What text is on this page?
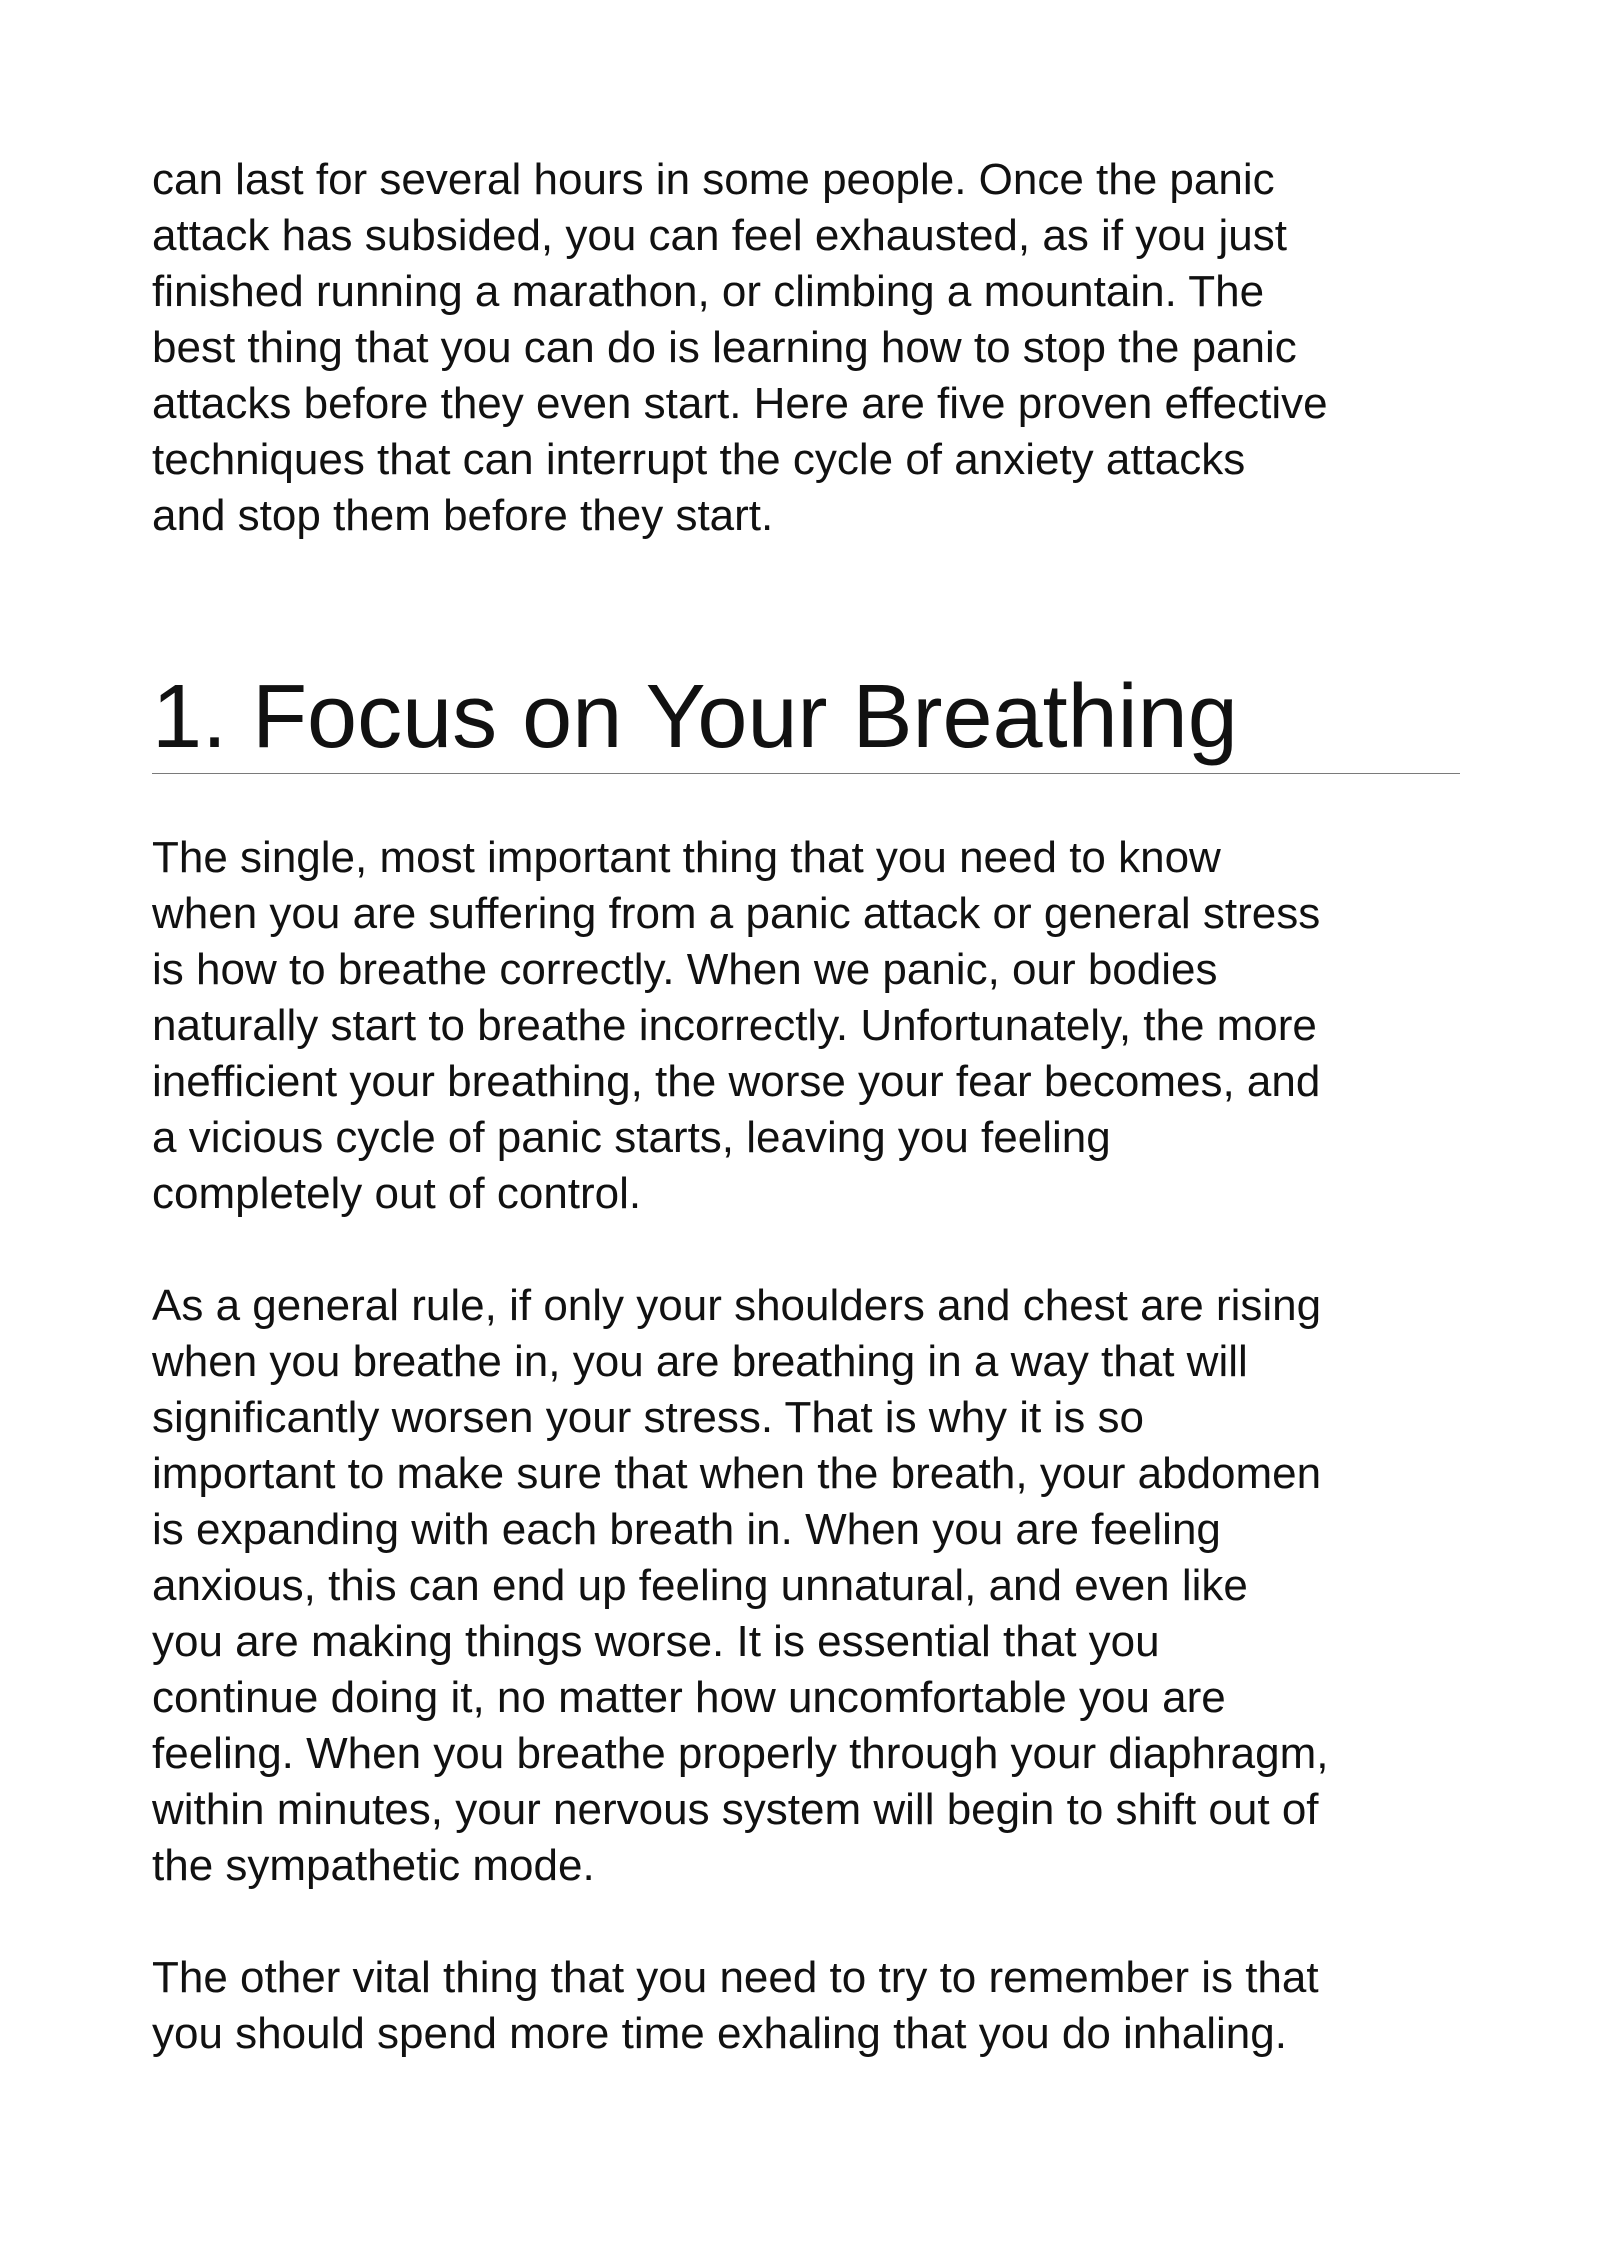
can last for several hours in some people. Once the panic
attack has subsided, you can feel exhausted, as if you just
finished running a marathon, or climbing a mountain. The
best thing that you can do is learning how to stop the panic
attacks before they even start. Here are five proven effective
techniques that can interrupt the cycle of anxiety attacks
and stop them before they start.

1. Focus on Your Breathing

The single, most important thing that you need to know
when you are suffering from a panic attack or general stress
is how to breathe correctly. When we panic, our bodies
naturally start to breathe incorrectly. Unfortunately, the more
inefficient your breathing, the worse your fear becomes, and
a vicious cycle of panic starts, leaving you feeling
completely out of control.

As a general rule, if only your shoulders and chest are rising
when you breathe in, you are breathing in a way that will
significantly worsen your stress. That is why it is so
important to make sure that when the breath, your abdomen
is expanding with each breath in. When you are feeling
anxious, this can end up feeling unnatural, and even like
you are making things worse. It is essential that you
continue doing it, no matter how uncomfortable you are
feeling. When you breathe properly through your diaphragm,
within minutes, your nervous system will begin to shift out of
the sympathetic mode.

The other vital thing that you need to try to remember is that
you should spend more time exhaling that you do inhaling.
